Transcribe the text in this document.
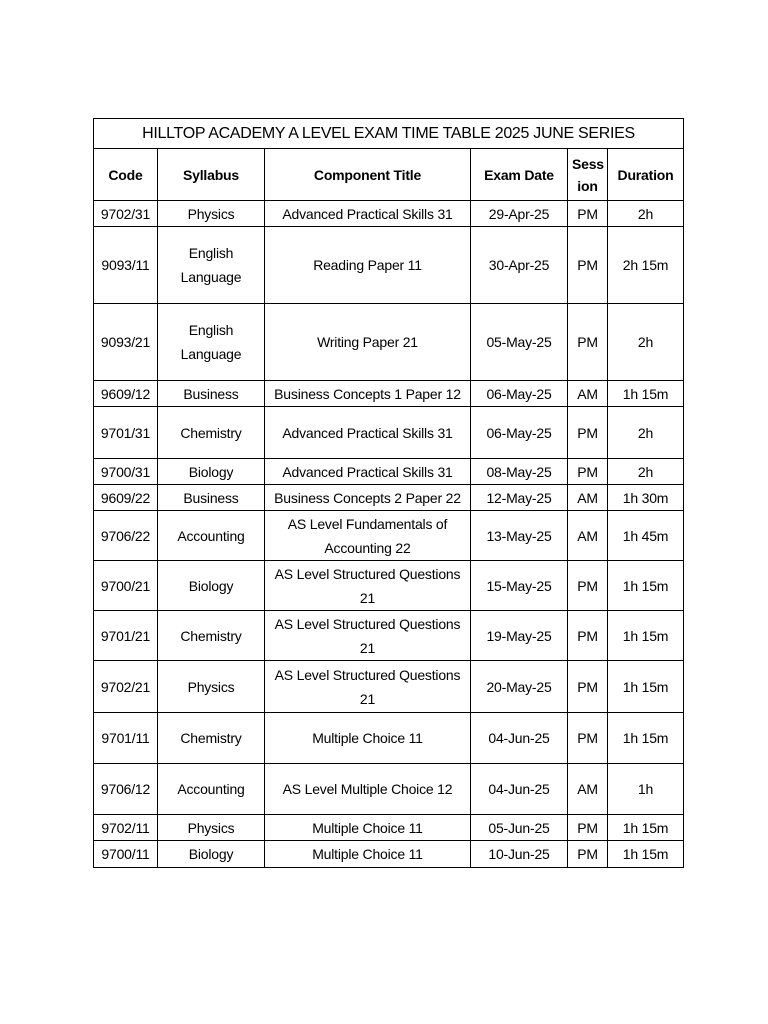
HILLTOP ACADEMY A LEVEL EXAM TIME TABLE 2025 JUNE SERIES					
Code	Syllabus	Component Title	Exam Date	Sess ion	Duration
9702/31	Physics	Advanced Practical Skills 31	29-Apr-25	PM	2h
9093/11	English Language	Reading Paper 11	30-Apr-25	PM	2h 15m
9093/21	English Language	Writing Paper 21	05-May-25	PM	2h
9609/12	Business	Business Concepts 1 Paper 12	06-May-25	AM	1h 15m
9701/31	Chemistry	Advanced Practical Skills 31	06-May-25	PM	2h
9700/31	Biology	Advanced Practical Skills 31	08-May-25	PM	2h
9609/22	Business	Business Concepts 2 Paper 22	12-May-25	AM	1h 30m
9706/22	Accounting	AS Level Fundamentals of Accounting 22	13-May-25	AM	1h 45m
9700/21	Biology	AS Level Structured Questions 21	15-May-25	PM	1h 15m
9701/21	Chemistry	AS Level Structured Questions 21	19-May-25	PM	1h 15m
9702/21	Physics	AS Level Structured Questions 21	20-May-25	PM	1h 15m
9701/11	Chemistry	Multiple Choice 11	04-Jun-25	PM	1h 15m
9706/12	Accounting	AS Level Multiple Choice 12	04-Jun-25	AM	1h
9702/11	Physics	Multiple Choice 11	05-Jun-25	PM	1h 15m
9700/11	Biology	Multiple Choice 11	10-Jun-25	PM	1h 15m
